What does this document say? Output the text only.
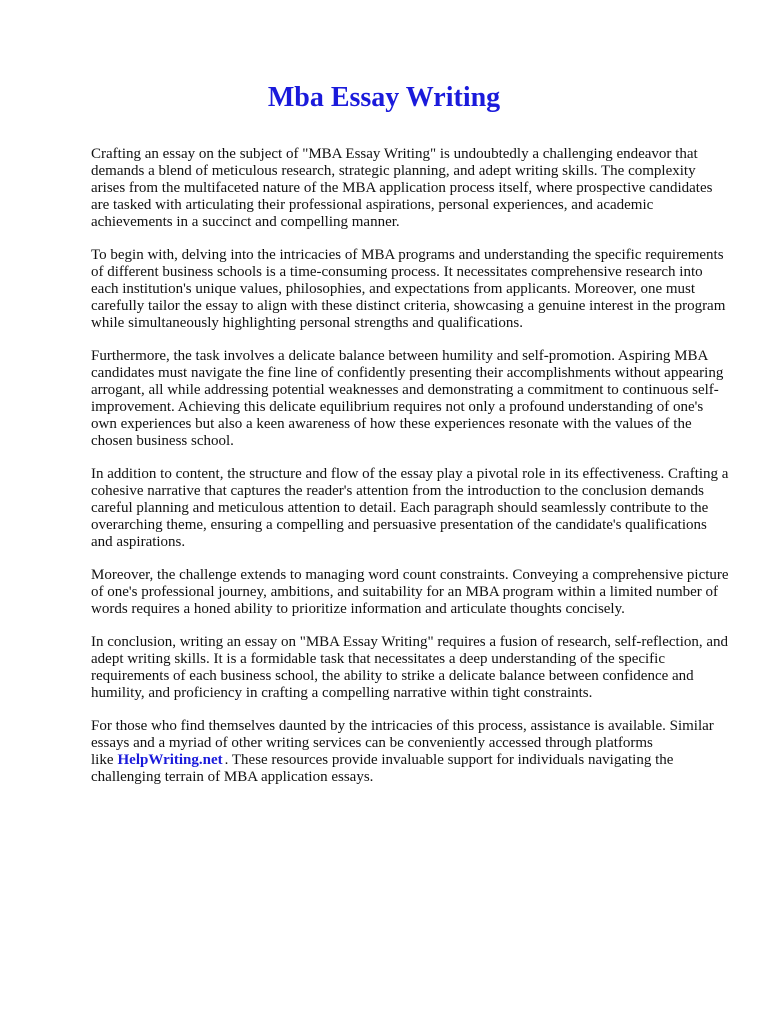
Mba Essay Writing

Crafting an essay on the subject of "MBA Essay Writing" is undoubtedly a challenging endeavor that demands a blend of meticulous research, strategic planning, and adept writing skills. The complexity arises from the multifaceted nature of the MBA application process itself, where prospective candidates are tasked with articulating their professional aspirations, personal experiences, and academic achievements in a succinct and compelling manner.

To begin with, delving into the intricacies of MBA programs and understanding the specific requirements of different business schools is a time-consuming process. It necessitates comprehensive research into each institution's unique values, philosophies, and expectations from applicants. Moreover, one must carefully tailor the essay to align with these distinct criteria, showcasing a genuine interest in the program while simultaneously highlighting personal strengths and qualifications.

Furthermore, the task involves a delicate balance between humility and self-promotion. Aspiring MBA candidates must navigate the fine line of confidently presenting their accomplishments without appearing arrogant, all while addressing potential weaknesses and demonstrating a commitment to continuous self-improvement. Achieving this delicate equilibrium requires not only a profound understanding of one's own experiences but also a keen awareness of how these experiences resonate with the values of the chosen business school.

In addition to content, the structure and flow of the essay play a pivotal role in its effectiveness. Crafting a cohesive narrative that captures the reader's attention from the introduction to the conclusion demands careful planning and meticulous attention to detail. Each paragraph should seamlessly contribute to the overarching theme, ensuring a compelling and persuasive presentation of the candidate's qualifications and aspirations.

Moreover, the challenge extends to managing word count constraints. Conveying a comprehensive picture of one's professional journey, ambitions, and suitability for an MBA program within a limited number of words requires a honed ability to prioritize information and articulate thoughts concisely.

In conclusion, writing an essay on "MBA Essay Writing" requires a fusion of research, self-reflection, and adept writing skills. It is a formidable task that necessitates a deep understanding of the specific requirements of each business school, the ability to strike a delicate balance between confidence and humility, and proficiency in crafting a compelling narrative within tight constraints.

For those who find themselves daunted by the intricacies of this process, assistance is available. Similar essays and a myriad of other writing services can be conveniently accessed through platforms like HelpWriting.net . These resources provide invaluable support for individuals navigating the challenging terrain of MBA application essays.
